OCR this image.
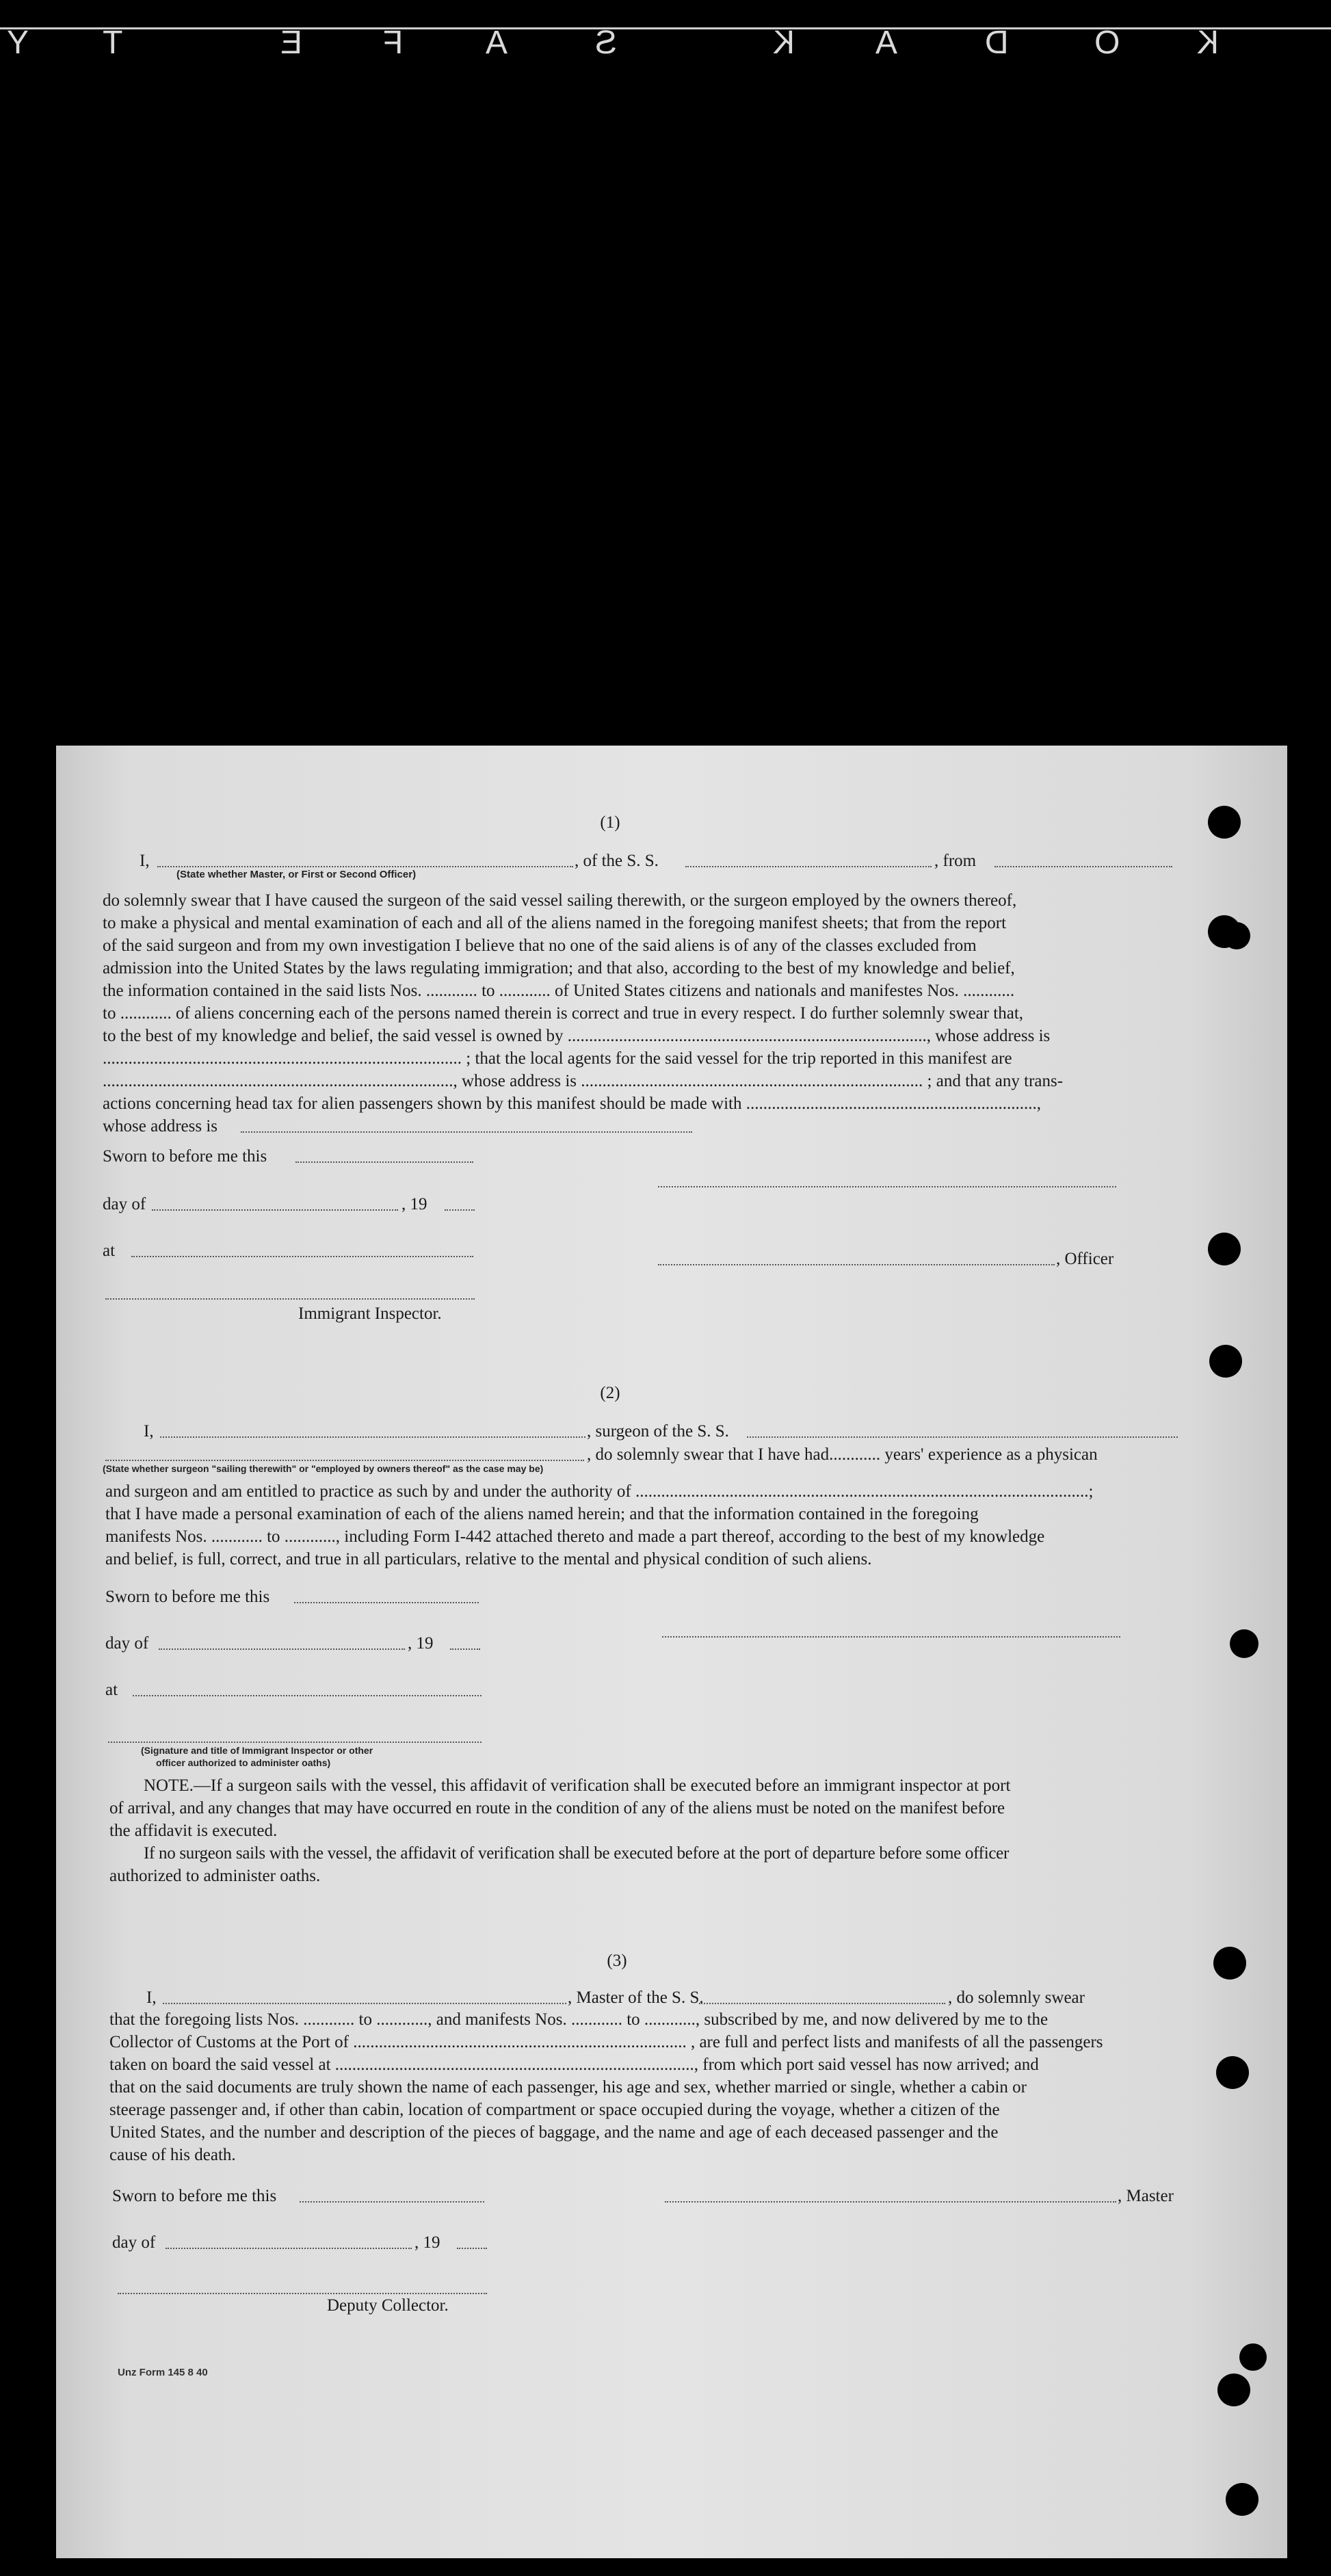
Y T	E F	A	S	K A	D	O K
(1)
I,	, of the S. S.	, from
(State whether Master, or First or Second Officer)

do solemnly swear that I have caused the surgeon of the said vessel sailing therewith, or the surgeon employed by the owners thereof,

to make a physical and mental examination of each and all of the aliens named in the foregoing manifest sheets; that from the report

of the said surgeon and from my own investigation I believe that no one of the said aliens is of any of the classes excluded from

admission into the United States by the laws regulating immigration; and that also, according to the best of my knowledge and belief,

the information contained in the said lists Nos. ............ to ............ of United States citizens and nationals and manifestes Nos. ............

to ............ of aliens concerning each of the persons named therein is correct and true in every respect. I do further solemnly swear that,

to the best of my knowledge and belief, the said vessel is owned by ...................................................................................., whose address is

.................................................................................... ; that the local agents for the said vessel for the trip reported in this manifest are

.................................................................................., whose address is ................................................................................ ; and that any trans-

actions concerning head tax for alien passengers shown by this manifest should be made with ....................................................................,

whose address is
Sworn to before me this
day of	, 19
at	, Officer
Immigrant Inspector.
(2)
I,	, surgeon of the S. S.
, do solemnly swear that I have had............ years' experience as a physican
(State whether surgeon "sailing therewith" or "employed by owners thereof" as the case may be)

and surgeon and am entitled to practice as such by and under the authority of ..........................................................................................................;

that I have made a personal examination of each of the aliens named herein; and that the information contained in the foregoing

manifests Nos. ............ to ............, including Form I-442 attached thereto and made a part thereof, according to the best of my knowledge

and belief, is full, correct, and true in all particulars, relative to the mental and physical condition of such aliens.

Sworn to before me this
day of	, 19
at
(Signature and title of Immigrant Inspector or other
officer authorized to administer oaths)
NOTE.—If a surgeon sails with the vessel, this affidavit of verification shall be executed before an immigrant inspector at port
of arrival, and any changes that may have occurred en route in the condition of any of the aliens must be noted on the manifest before
the affidavit is executed.
If no surgeon sails with the vessel, the affidavit of verification shall be executed before at the port of departure before some officer
authorized to administer oaths.
(3)
I,	, Master of the S. S.	, do solemnly swear

that the foregoing lists Nos. ............ to ............, and manifests Nos. ............ to ............, subscribed by me, and now delivered by me to the

Collector of Customs at the Port of .............................................................................. , are full and perfect lists and manifests of all the passengers

taken on board the said vessel at ...................................................................................., from which port said vessel has now arrived; and

that on the said documents are truly shown the name of each passenger, his age and sex, whether married or single, whether a cabin or

steerage passenger and, if other than cabin, location of compartment or space occupied during the voyage, whether a citizen of the

United States, and the number and description of the pieces of baggage, and the name and age of each deceased passenger and the

cause of his death.

Sworn to before me this	, Master
day of	, 19
Deputy Collector.
Unz Form 145 8 40
